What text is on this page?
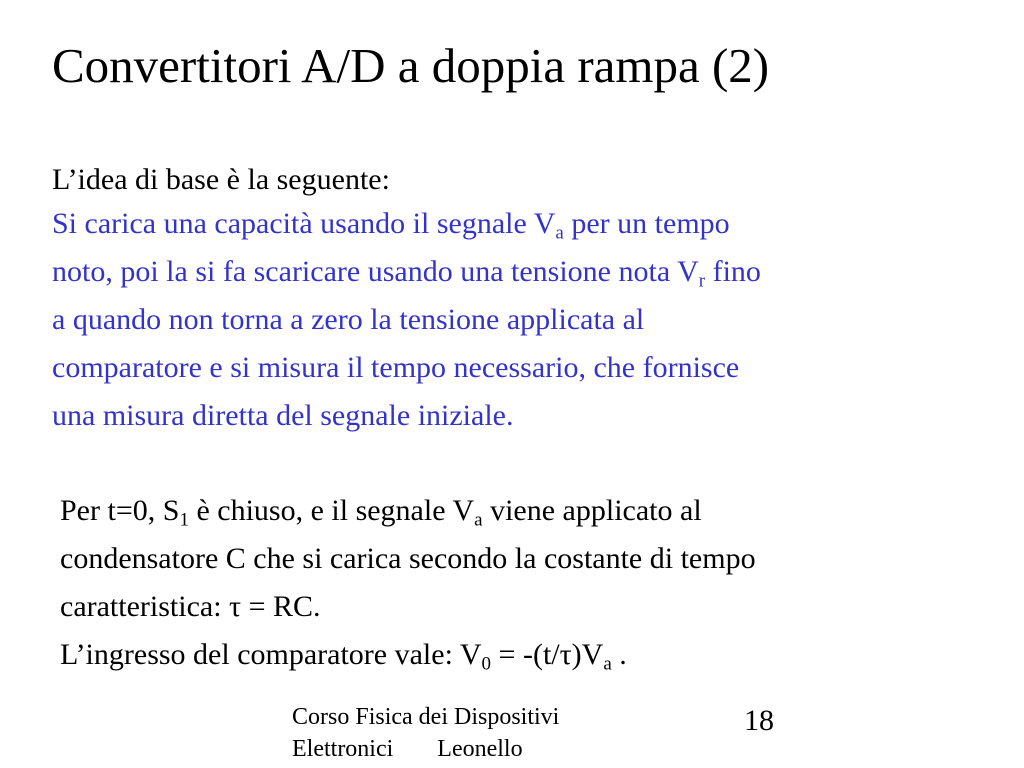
Convertitori A/D a doppia rampa (2)
L’idea di base è la seguente:
Si carica una capacità usando il segnale $V_a$ per un tempo
noto, poi la si fa scaricare usando una tensione nota $V_r$ fino
a quando non torna a zero la tensione applicata al
comparatore e si misura il tempo necessario, che fornisce
una misura diretta del segnale iniziale.
Per t=0, $S_1$ è chiuso, e il segnale $V_a$ viene applicato al
condensatore C che si carica secondo la costante di tempo
caratteristica: τ = RC.
L’ingresso del comparatore vale: $V_0 = -(t/\tau)V_a$ .
Corso Fisica dei Dispositivi
Elettronici Leonello
18
